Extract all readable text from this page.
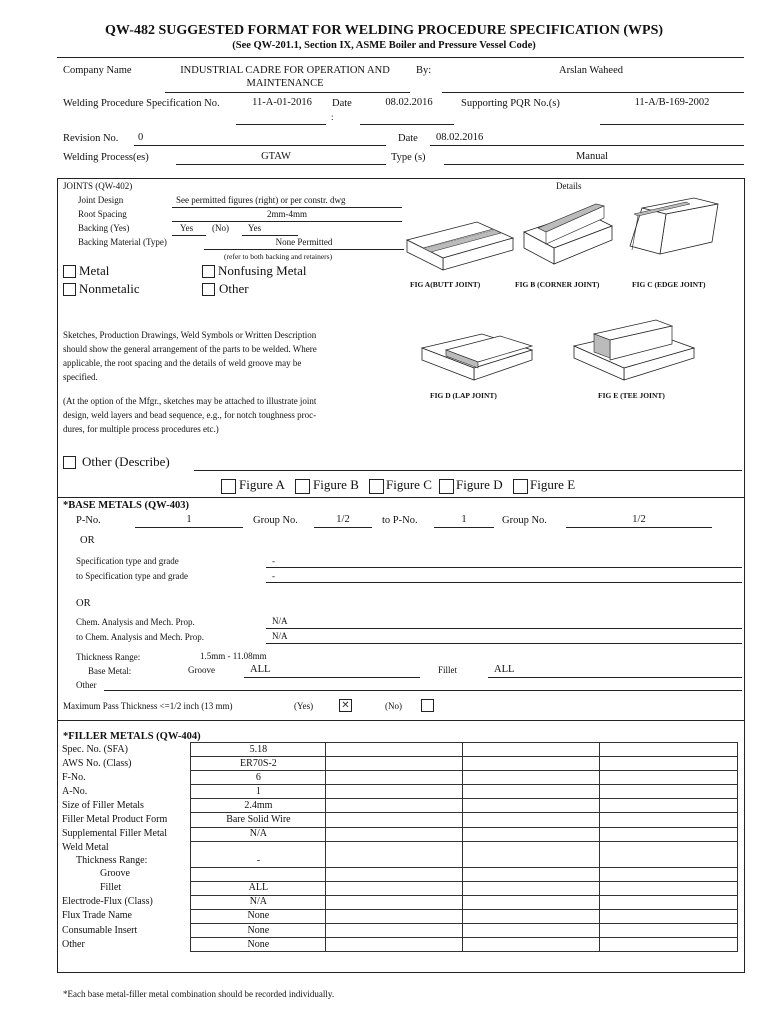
QW-482 SUGGESTED FORMAT FOR WELDING PROCEDURE SPECIFICATION (WPS)
(See QW-201.1, Section IX, ASME Boiler and Pressure Vessel Code)
Company Name	INDUSTRIAL CADRE FOR OPERATION AND
MAINTENANCE
By:	Arslan Waheed
Welding Procedure Specification No.	11-A-01-2016	Date
:
08.02.2016	Supporting PQR No.(s)	11-A/B-169-2002
Revision No. 0	Date 08.02.2016
Welding Process(es)	GTAW	Type (s)	Manual
JOINTS (QW-402)	Details
Joint Design	See permitted figures (right) or per constr. dwg
Root Spacing	2mm-4mm
Backing (Yes)	Yes (No) Yes
Backing Material (Type)	None Permitted
(refer to both backing and retainers)
Metal
Nonmetalic
Nonfusing Metal
Other
Sketches, Production Drawings, Weld Symbols or Written Description
should show the general arrangement of the parts to be welded. Where
applicable, the root spacing and the details of weld groove may be
specified.
(At the option of the Mfgr., sketches may be attached to illustrate joint
design, weld layers and bead sequence, e.g., for notch toughness proc-
dures, for multiple process procedures etc.)
Other (Describe)
Figure A Figure B Figure C Figure D Figure E
FIG A(BUTT JOINT)	FIG B (CORNER JOINT)	FIG C (EDGE JOINT)
FIG D (LAP JOINT)	FIG E (TEE JOINT)
*BASE METALS (QW-403)
P-No.	1	Group No.	1/2	to P-No.	1	Group No.	1/2
OR
Specification type and grade	-
to Specification type and grade	-
OR
Chem. Analysis and Mech. Prop.	N/A
to Chem. Analysis and Mech. Prop.	N/A
Thickness Range:	1.5mm - 11.08mm
Base Metal:	Groove	ALL	Fillet	ALL
Other
Maximum Pass Thickness <=1/2 inch (13 mm)	(Yes)	✕	(No)
*FILLER METALS (QW-404)
Spec. No. (SFA)	5.18			
AWS No. (Class)	ER70S-2			
F-No.	6			
A-No.	1			
Size of Filler Metals	2.4mm			
Filler Metal Product Form	Bare Solid Wire			
Supplemental Filler Metal	N/A			

Weld Metal
Thickness Range:	-			
Groove				
Fillet	ALL			
Electrode-Flux (Class)	N/A			
Flux Trade Name	None			
Consumable Insert	None			
Other	None			
*Each base metal-filler metal combination should be recorded individually.
